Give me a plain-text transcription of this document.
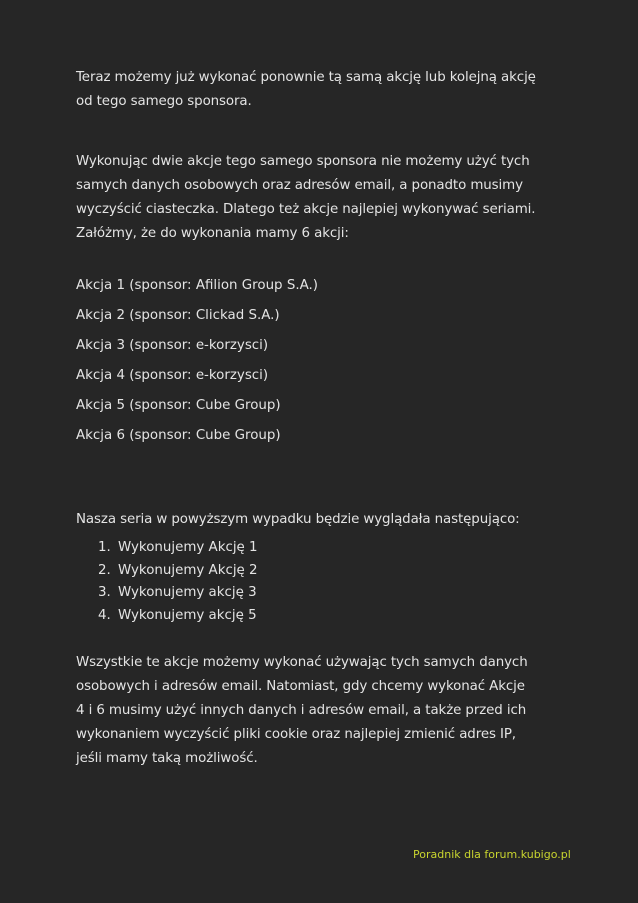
Teraz możemy już wykonać ponownie tą samą akcję lub kolejną akcję
od tego samego sponsora.

Wykonując dwie akcje tego samego sponsora nie możemy użyć tych
samych danych osobowych oraz adresów email, a ponadto musimy
wyczyścić ciasteczka. Dlatego też akcje najlepiej wykonywać seriami.
Załóżmy, że do wykonania mamy 6 akcji:

Akcja 1 (sponsor: Afilion Group S.A.)
Akcja 2 (sponsor: Clickad S.A.)
Akcja 3 (sponsor: e-korzysci)
Akcja 4 (sponsor: e-korzysci)
Akcja 5 (sponsor: Cube Group)
Akcja 6 (sponsor: Cube Group)

Nasza seria w powyższym wypadku będzie wyglądała następująco:

1. Wykonujemy Akcję 1
2. Wykonujemy Akcję 2
3. Wykonujemy akcję 3
4. Wykonujemy akcję 5

Wszystkie te akcje możemy wykonać używając tych samych danych
osobowych i adresów email. Natomiast, gdy chcemy wykonać Akcje
4 i 6 musimy użyć innych danych i adresów email, a także przed ich
wykonaniem wyczyścić pliki cookie oraz najlepiej zmienić adres IP,
jeśli mamy taką możliwość.

Poradnik dla forum.kubigo.pl
